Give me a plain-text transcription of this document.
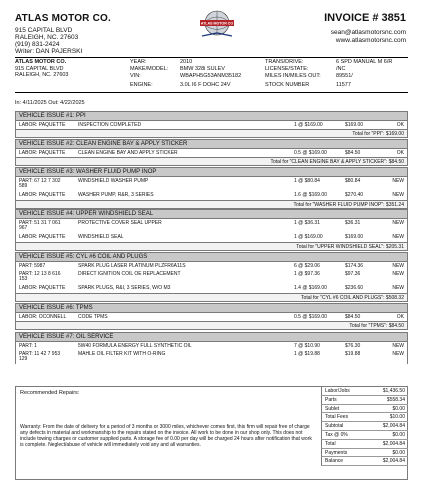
ATLAS MOTOR CO.
915 CAPITAL BLVD
RALEIGH, NC. 27603
(919) 831-2424
Writer: DAN PAJERSKI
ATLAS MOTOR CO	INVOICE # 3851
sean@atlasmotorsnc.com
www.atlasmotorsnc.com
ATLAS MOTOR CO.
915 CAPITAL BLVD
RALEIGH, NC. 27603
YEAR:	2010
MAKE/MODEL: BMW 328i SULEV
VIN:	WBAPH5G53ANM35182
ENGINE:	3.0L I6 F DOHC 24V
TRANS/DRIVE:	6 SPD MANUAL M 6/R
LICENSE/STATE:	/NC
MILES IN/MILES OUT:	89551/
STOCK NUMBER	11577
In: 4/11/2025 Out: 4/22/2025
VEHICLE ISSUE #1: PPI
LABOR: PAQUETTE	INSPECTION COMPLETED	1 @ $169.00	$169.00	OK
Total for "PPI": $169.00
VEHICLE ISSUE #2: CLEAN ENGINE BAY & APPLY STICKER
LABOR: PAQUETTE	CLEAN ENGINE BAY AND APPLY STICKER	0.5 @ $169.00	$84.50	OK
Total for "CLEAN ENGINE BAY & APPLY STICKER": $84.50
VEHICLE ISSUE #3: WASHER FLUID PUMP INOP
PART: 67 12 7 302
589
WINDSHIELD WASHER PUMP	1 @ $80.84	$80.84	NEW
LABOR: PAQUETTE	WASHER PUMP, R&R, 3 SERIES	1.6 @ $169.00	$270.40	NEW
Total for "WASHER FLUID PUMP INOP": $351.24
VEHICLE ISSUE #4: UPPER WINDSHIELD SEAL
PART: 51 31 7 061
967
PROTECTIVE COVER SEAL UPPER	1 @ $36.31	$36.31	NEW
LABOR: PAQUETTE	WINDSHIELD SEAL	1 @ $169.00	$169.00	NEW
Total for "UPPER WINDSHIELD SEAL": $205.31
VEHICLE ISSUE #5: CYL #6 COIL AND PLUGS
PART: 5987	SPARK PLUG LASER PLATINUM PLZFR6A11S	6 @ $29.06	$174.36	NEW
PART: 12 13 8 616
153
DIRECT IGNITION COIL OE REPLACEMENT	1 @ $97.36	$97.36	NEW
LABOR: PAQUETTE	SPARK PLUGS, R&I, 3 SERIES, W/O M3	1.4 @ $169.00	$236.60	NEW
Total for "CYL #6 COIL AND PLUGS": $508.32
VEHICLE ISSUE #6: TPMS
LABOR: OCONNELL CODE TPMS	0.5 @ $169.00	$84.50	OK
Total for "TPMS": $84.50
VEHICLE ISSUE #7: OIL SERVICE
PART: 1	5W40 FORMULA ENERGY FULL SYNTHETIC OIL	7 @ $10.90	$76.30	NEW
PART: 11 42 7 953
129
MAHLE OIL FILTER KIT WITH O-RING	1 @ $19.88	$19.88	NEW
Recommended Repairs:
Warranty: From the date of delivery for a period of 3 months or 3000 miles, whichever comes first, this firm will repair free of charge any defects in material and workmanship to the repairs stated on the invoice. All work to be done in our shop only. This does not include towing charges or customer supplied parts. A storage fee of 0.00 per day will be charged 24 hours after notification that work is complete. Neglect/abuse of vehicle will immediately void any and all warranties.
Labor/Jobs	$1,436.50
Parts	$558.34
Sublet	$0.00
Total Fees	$10.00
Subtotal	$2,004.84
Tax @ 0%	$0.00
Total	$2,004.84
Payments	$0.00
Balance	$2,004.84
